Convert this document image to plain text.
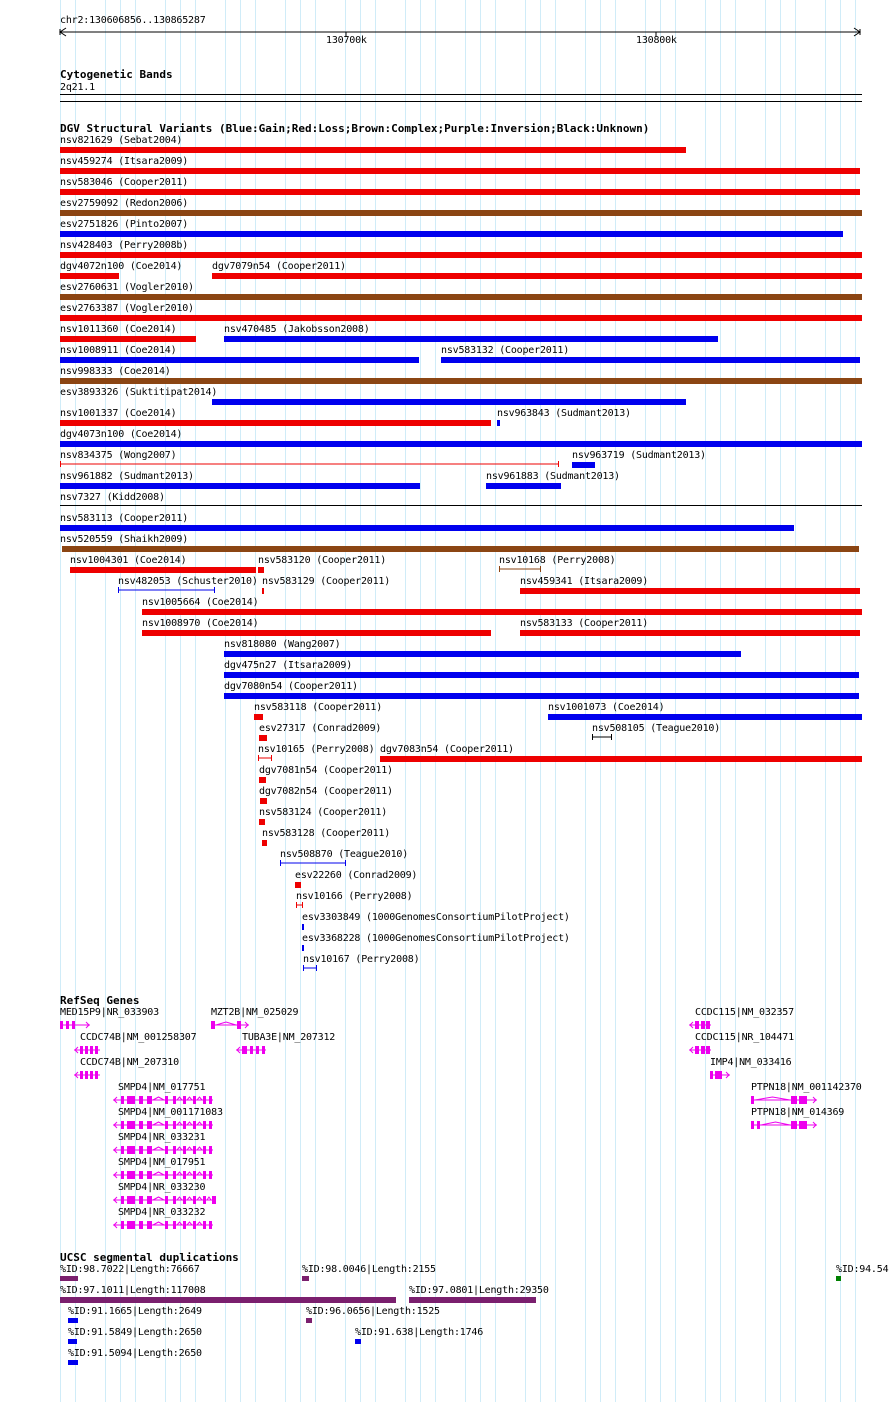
chr2:130606856..130865287
130700k	130800k
Cytogenetic Bands
2q21.1
DGV Structural Variants (Blue:Gain;Red:Loss;Brown:Complex;Purple:Inversion;Black:Unknown)
RefSeq Genes
UCSC segmental duplications
nsv821629 (Sebat2004)
nsv459274 (Itsara2009)
nsv583046 (Cooper2011)
esv2759092 (Redon2006)
esv2751826 (Pinto2007)
nsv428403 (Perry2008b)
dgv4072n100 (Coe2014)	dgv7079n54 (Cooper2011)
esv2760631 (Vogler2010)
esv2763387 (Vogler2010)
nsv1011360 (Coe2014)	nsv470485 (Jakobsson2008)
nsv1008911 (Coe2014)	nsv583132 (Cooper2011)
nsv998333 (Coe2014)
esv3893326 (Suktitipat2014)
nsv1001337 (Coe2014)	nsv963843 (Sudmant2013)
dgv4073n100 (Coe2014)
nsv834375 (Wong2007)	nsv963719 (Sudmant2013)
nsv961882 (Sudmant2013)	nsv961883 (Sudmant2013)
nsv7327 (Kidd2008)
nsv583113 (Cooper2011)
nsv520559 (Shaikh2009)
nsv1004301 (Coe2014)	nsv583120 (Cooper2011)	nsv10168 (Perry2008)
nsv482053 (Schuster2010) nsv583129 (Cooper2011)	nsv459341 (Itsara2009)
nsv1005664 (Coe2014)
nsv1008970 (Coe2014)	nsv583133 (Cooper2011)
nsv818080 (Wang2007)
dgv475n27 (Itsara2009)
dgv7080n54 (Cooper2011)
nsv583118 (Cooper2011)	nsv1001073 (Coe2014)
esv27317 (Conrad2009)	nsv508105 (Teague2010)
nsv10165 (Perry2008) dgv7083n54 (Cooper2011)
dgv7081n54 (Cooper2011)
dgv7082n54 (Cooper2011)
nsv583124 (Cooper2011)
nsv583128 (Cooper2011)
nsv508870 (Teague2010)
esv22260 (Conrad2009)
nsv10166 (Perry2008)
esv3303849 (1000GenomesConsortiumPilotProject)
esv3368228 (1000GenomesConsortiumPilotProject)
nsv10167 (Perry2008)
MED15P9|NR_033903	MZT2B|NM_025029	CCDC115|NM_032357
CCDC74B|NM_001258307	TUBA3E|NM_207312	CCDC115|NR_104471
CCDC74B|NM_207310	IMP4|NM_033416
SMPD4|NM_017751	PTPN18|NM_001142370
SMPD4|NM_001171083	PTPN18|NM_014369
SMPD4|NR_033231
SMPD4|NM_017951
SMPD4|NR_033230
SMPD4|NR_033232
%ID:98.7022|Length:76667	%ID:98.0046|Length:2155	%ID:94.54
%ID:97.1011|Length:117008	%ID:97.0801|Length:29350
%ID:91.1665|Length:2649	%ID:96.0656|Length:1525
%ID:91.5849|Length:2650	%ID:91.638|Length:1746
%ID:91.5094|Length:2650
